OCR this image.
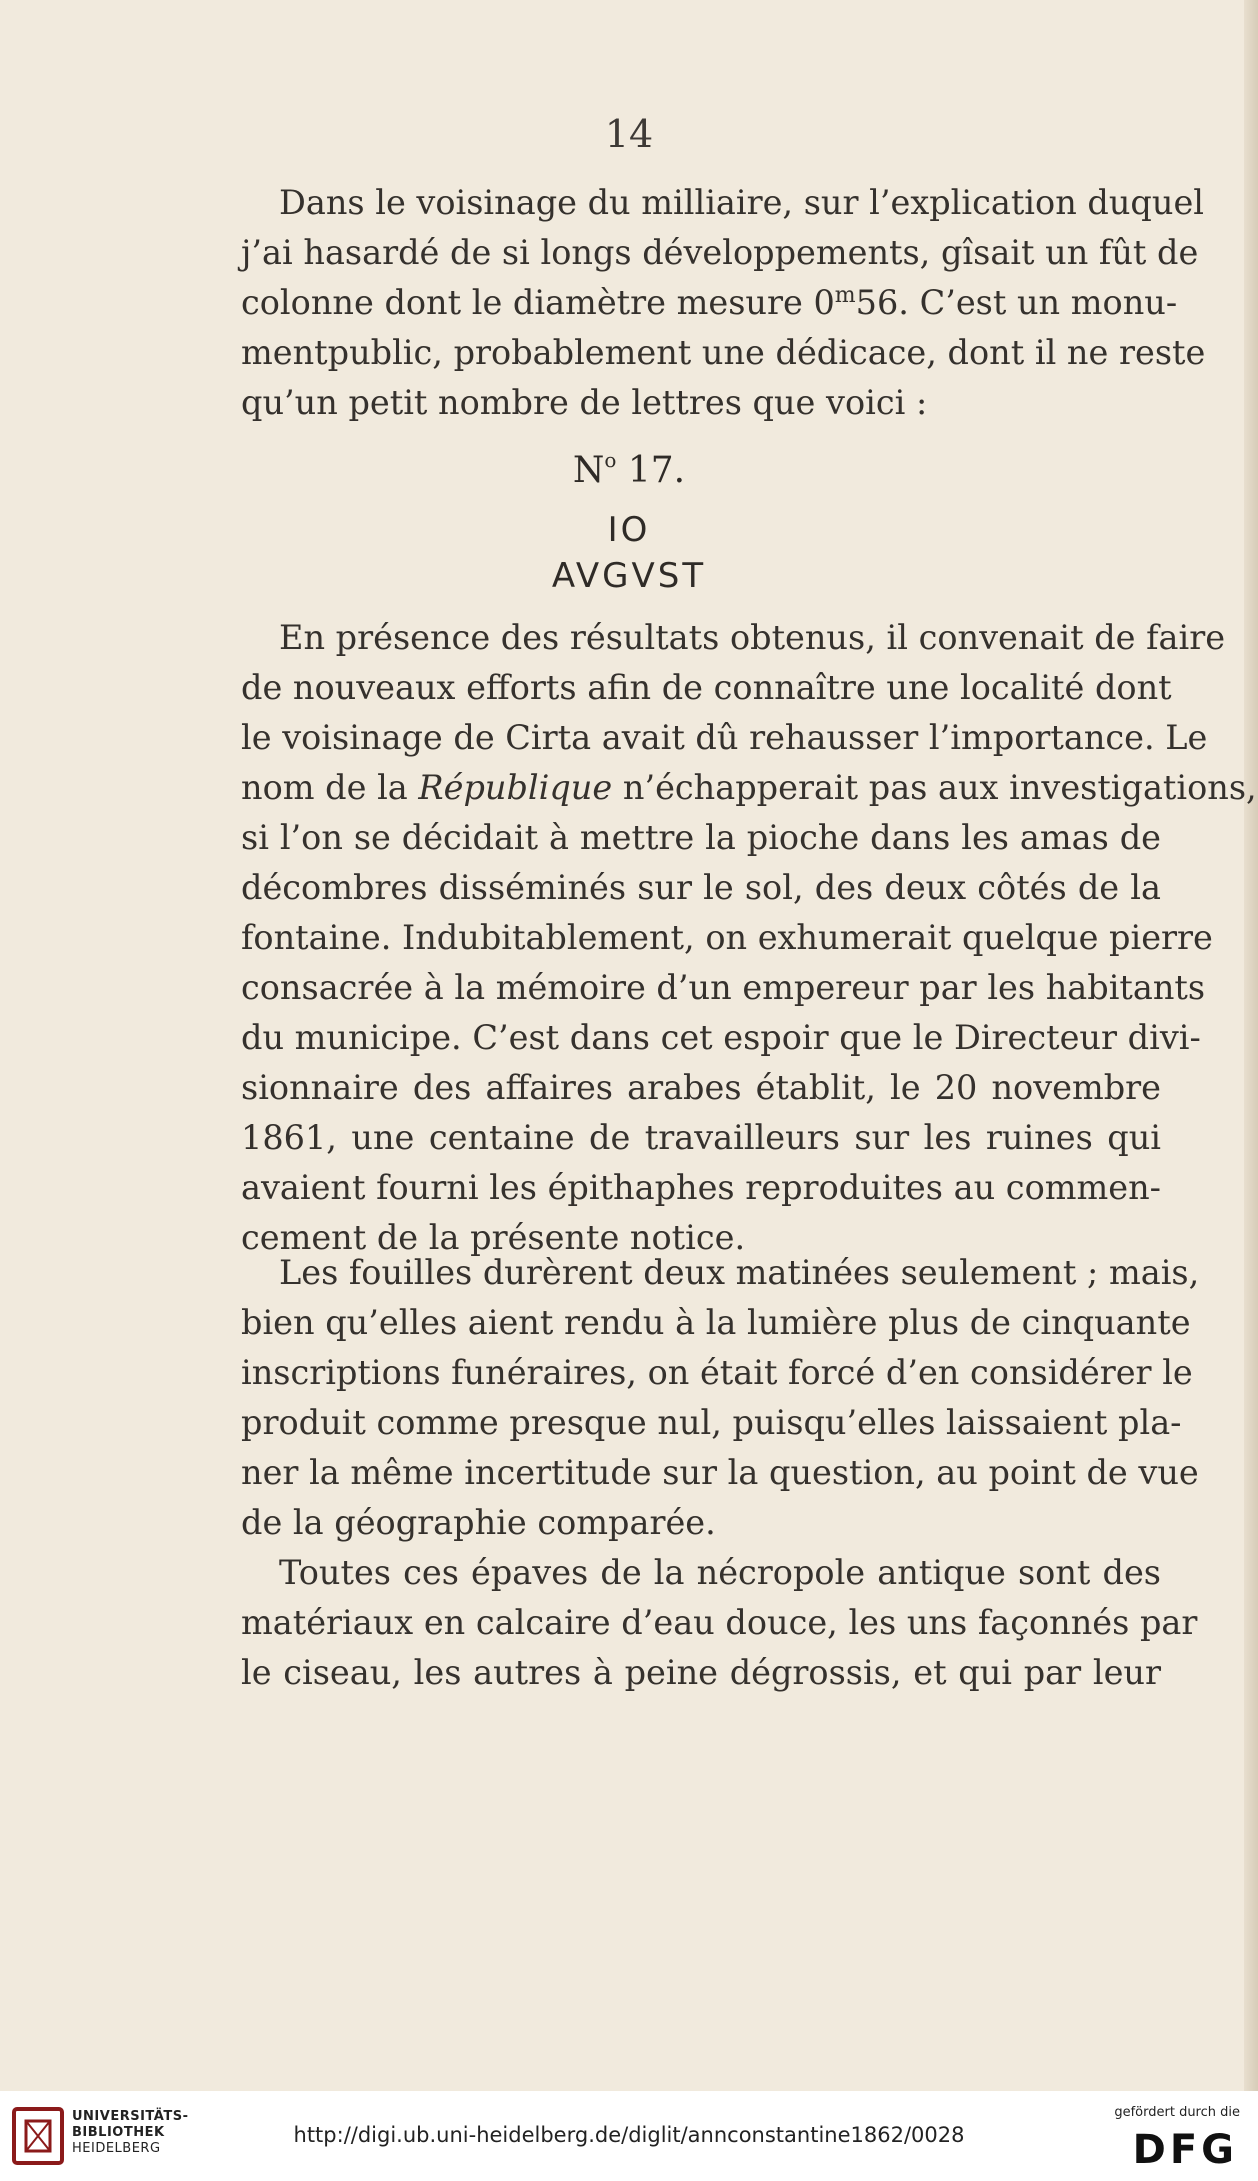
14
Dans le voisinage du milliaire, sur l’explication duquel
j’ai hasardé de si longs développements, gîsait un fût de
colonne dont le diamètre mesure 0$^m$56. C’est un monu-
mentpublic, probablement une dédicace, dont il ne reste
qu’un petit nombre de lettres que voici :
$N^o$ 17.
IO
AVGVST
En présence des résultats obtenus, il convenait de faire
de nouveaux efforts afin de connaître une localité dont
le voisinage de Cirta avait dû rehausser l’importance. Le
nom de la République n’échapperait pas aux investigations,
si l’on se décidait à mettre la pioche dans les amas de
décombres disséminés sur le sol, des deux côtés de la
fontaine. Indubitablement, on exhumerait quelque pierre
consacrée à la mémoire d’un empereur par les habitants
du municipe. C’est dans cet espoir que le Directeur divi-
sionnaire des affaires arabes établit, le 20 novembre
1861, une centaine de travailleurs sur les ruines qui
avaient fourni les épithaphes reproduites au commen-
cement de la présente notice.
Les fouilles durèrent deux matinées seulement ; mais,
bien qu’elles aient rendu à la lumière plus de cinquante
inscriptions funéraires, on était forcé d’en considérer le
produit comme presque nul, puisqu’elles laissaient pla-
ner la même incertitude sur la question, au point de vue
de la géographie comparée.
Toutes ces épaves de la nécropole antique sont des
matériaux en calcaire d’eau douce, les uns façonnés par
le ciseau, les autres à peine dégrossis, et qui par leur
UNIVERSITÄTS-
BIBLIOTHEK
HEIDELBERG
http://digi.ub.uni-heidelberg.de/diglit/annconstantine1862/0028
gefördert durch die
DFG
